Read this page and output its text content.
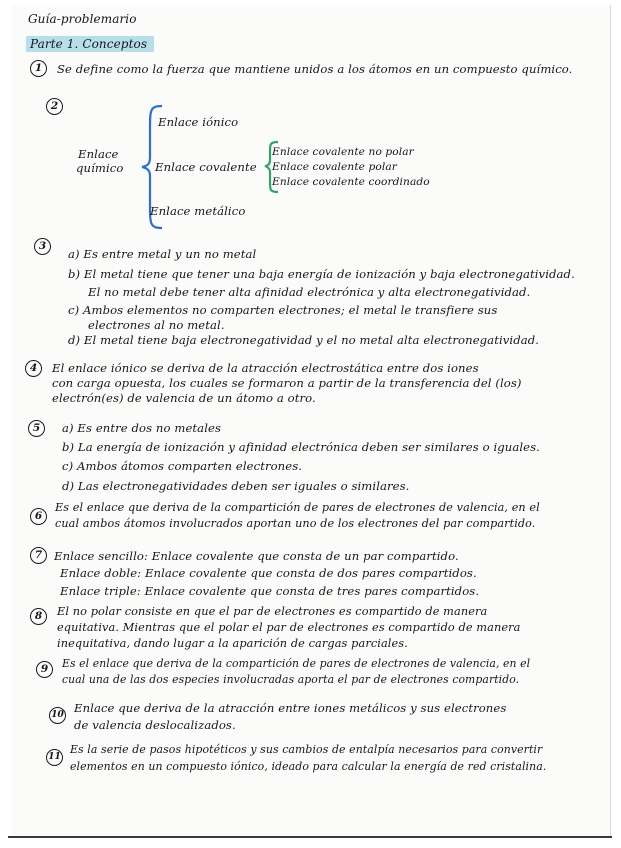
Guía-problemario
Parte 1. Conceptos
1	Se define como la fuerza que mantiene unidos a los átomos en un compuesto químico.
2
Enlace
químico
Enlace iónico
Enlace covalente
Enlace metálico
Enlace covalente no polar
Enlace covalente polar
Enlace covalente coordinado
3
a) Es entre metal y un no metal
b) El metal tiene que tener una baja energía de ionización y baja electronegatividad.
El no metal debe tener alta afinidad electrónica y alta electronegatividad.
c) Ambos elementos no comparten electrones; el metal le transfiere sus
electrones al no metal.
d) El metal tiene baja electronegatividad y el no metal alta electronegatividad.
4	El enlace iónico se deriva de la atracción electrostática entre dos iones
con carga opuesta, los cuales se formaron a partir de la transferencia del (los)
electrón(es) de valencia de un átomo a otro.
5	a) Es entre dos no metales
b) La energía de ionización y afinidad electrónica deben ser similares o iguales.
c) Ambos átomos comparten electrones.
d) Las electronegatividades deben ser iguales o similares.
6
Es el enlace que deriva de la compartición de pares de electrones de valencia, en el
cual ambos átomos involucrados aportan uno de los electrones del par compartido.
7	Enlace sencillo: Enlace covalente que consta de un par compartido.
Enlace doble: Enlace covalente que consta de dos pares compartidos.
Enlace triple: Enlace covalente que consta de tres pares compartidos.
8	El no polar consiste en que el par de electrones es compartido de manera
equitativa. Mientras que el polar el par de electrones es compartido de manera
inequitativa, dando lugar a la aparición de cargas parciales.
9	Es el enlace que deriva de la compartición de pares de electrones de valencia, en el
cual una de las dos especies involucradas aporta el par de electrones compartido.
10 Enlace que deriva de la atracción entre iones metálicos y sus electrones
de valencia deslocalizados.
11
Es la serie de pasos hipotéticos y sus cambios de entalpía necesarios para convertir
elementos en un compuesto iónico, ideado para calcular la energía de red cristalina.
